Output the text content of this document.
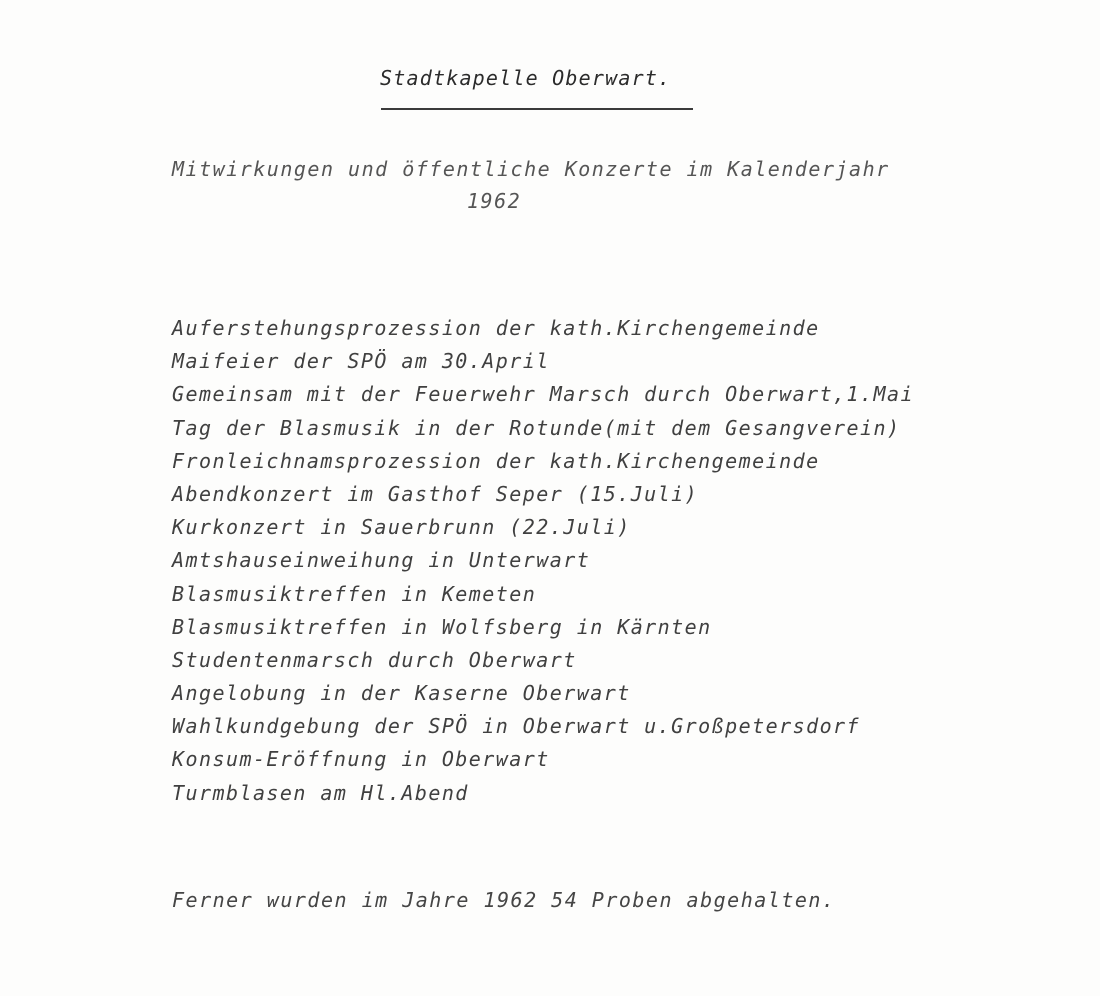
Stadtkapelle Oberwart.
Mitwirkungen und öffentliche Konzerte im Kalenderjahr
1962
Auferstehungsprozession der kath.Kirchengemeinde
Maifeier der SPÖ am 30.April
Gemeinsam mit der Feuerwehr Marsch durch Oberwart,1.Mai
Tag der Blasmusik in der Rotunde(mit dem Gesangverein)
Fronleichnamsprozession der kath.Kirchengemeinde
Abendkonzert im Gasthof Seper (15.Juli)
Kurkonzert in Sauerbrunn (22.Juli)
Amtshauseinweihung in Unterwart
Blasmusiktreffen in Kemeten
Blasmusiktreffen in Wolfsberg in Kärnten
Studentenmarsch durch Oberwart
Angelobung in der Kaserne Oberwart
Wahlkundgebung der SPÖ in Oberwart u.Großpetersdorf
Konsum-Eröffnung in Oberwart
Turmblasen am Hl.Abend
Ferner wurden im Jahre 1962 54 Proben abgehalten.
